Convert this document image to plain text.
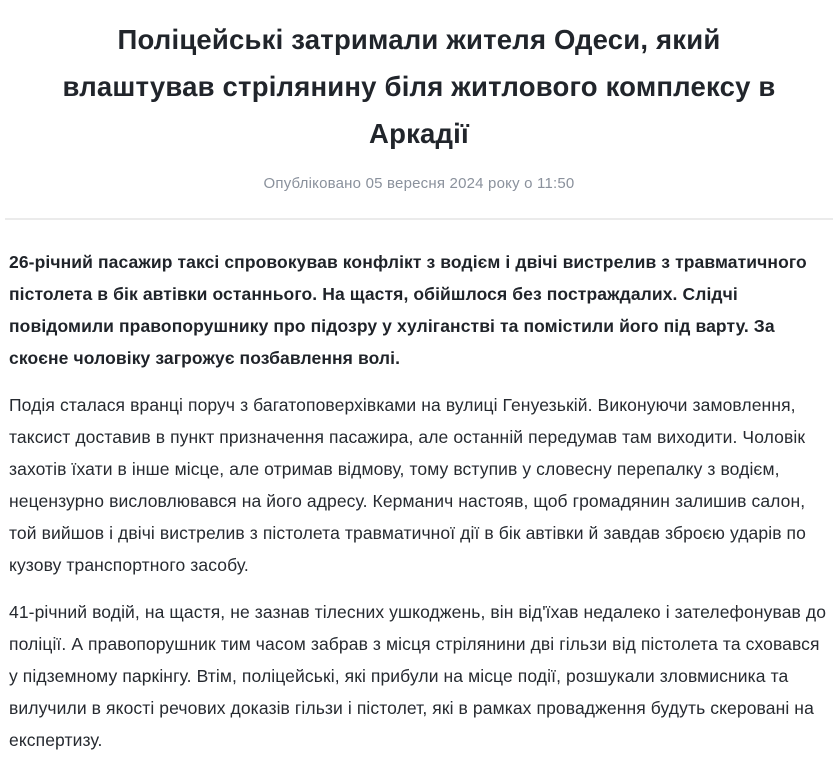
Поліцейські затримали жителя Одеси, який влаштував стрілянину біля житлового комплексу в Аркадії

Опубліковано 05 вересня 2024 року о 11:50

26-річний пасажир таксі спровокував конфлікт з водієм і двічі вистрелив з травматичного пістолета в бік автівки останнього. На щастя, обійшлося без постраждалих. Слідчі повідомили правопорушнику про підозру у хуліганстві та помістили його під варту. За скоєне чоловіку загрожує позбавлення волі.

Подія сталася вранці поруч з багатоповерхівками на вулиці Генуезькій. Виконуючи замовлення, таксист доставив в пункт призначення пасажира, але останній передумав там виходити. Чоловік захотів їхати в інше місце, але отримав відмову, тому вступив у словесну перепалку з водієм, нецензурно висловлювався на його адресу. Керманич настояв, щоб громадянин залишив салон, той вийшов і двічі вистрелив з пістолета травматичної дії в бік автівки й завдав зброєю ударів по кузову транспортного засобу.

41-річний водій, на щастя, не зазнав тілесних ушкоджень, він від'їхав недалеко і зателефонував до поліції. А правопорушник тим часом забрав з місця стрілянини дві гільзи від пістолета та сховався у підземному паркінгу. Втім, поліцейські, які прибули на місце події, розшукали зловмисника та вилучили в якості речових доказів гільзи і пістолет, які в рамках провадження будуть скеровані на експертизу.
